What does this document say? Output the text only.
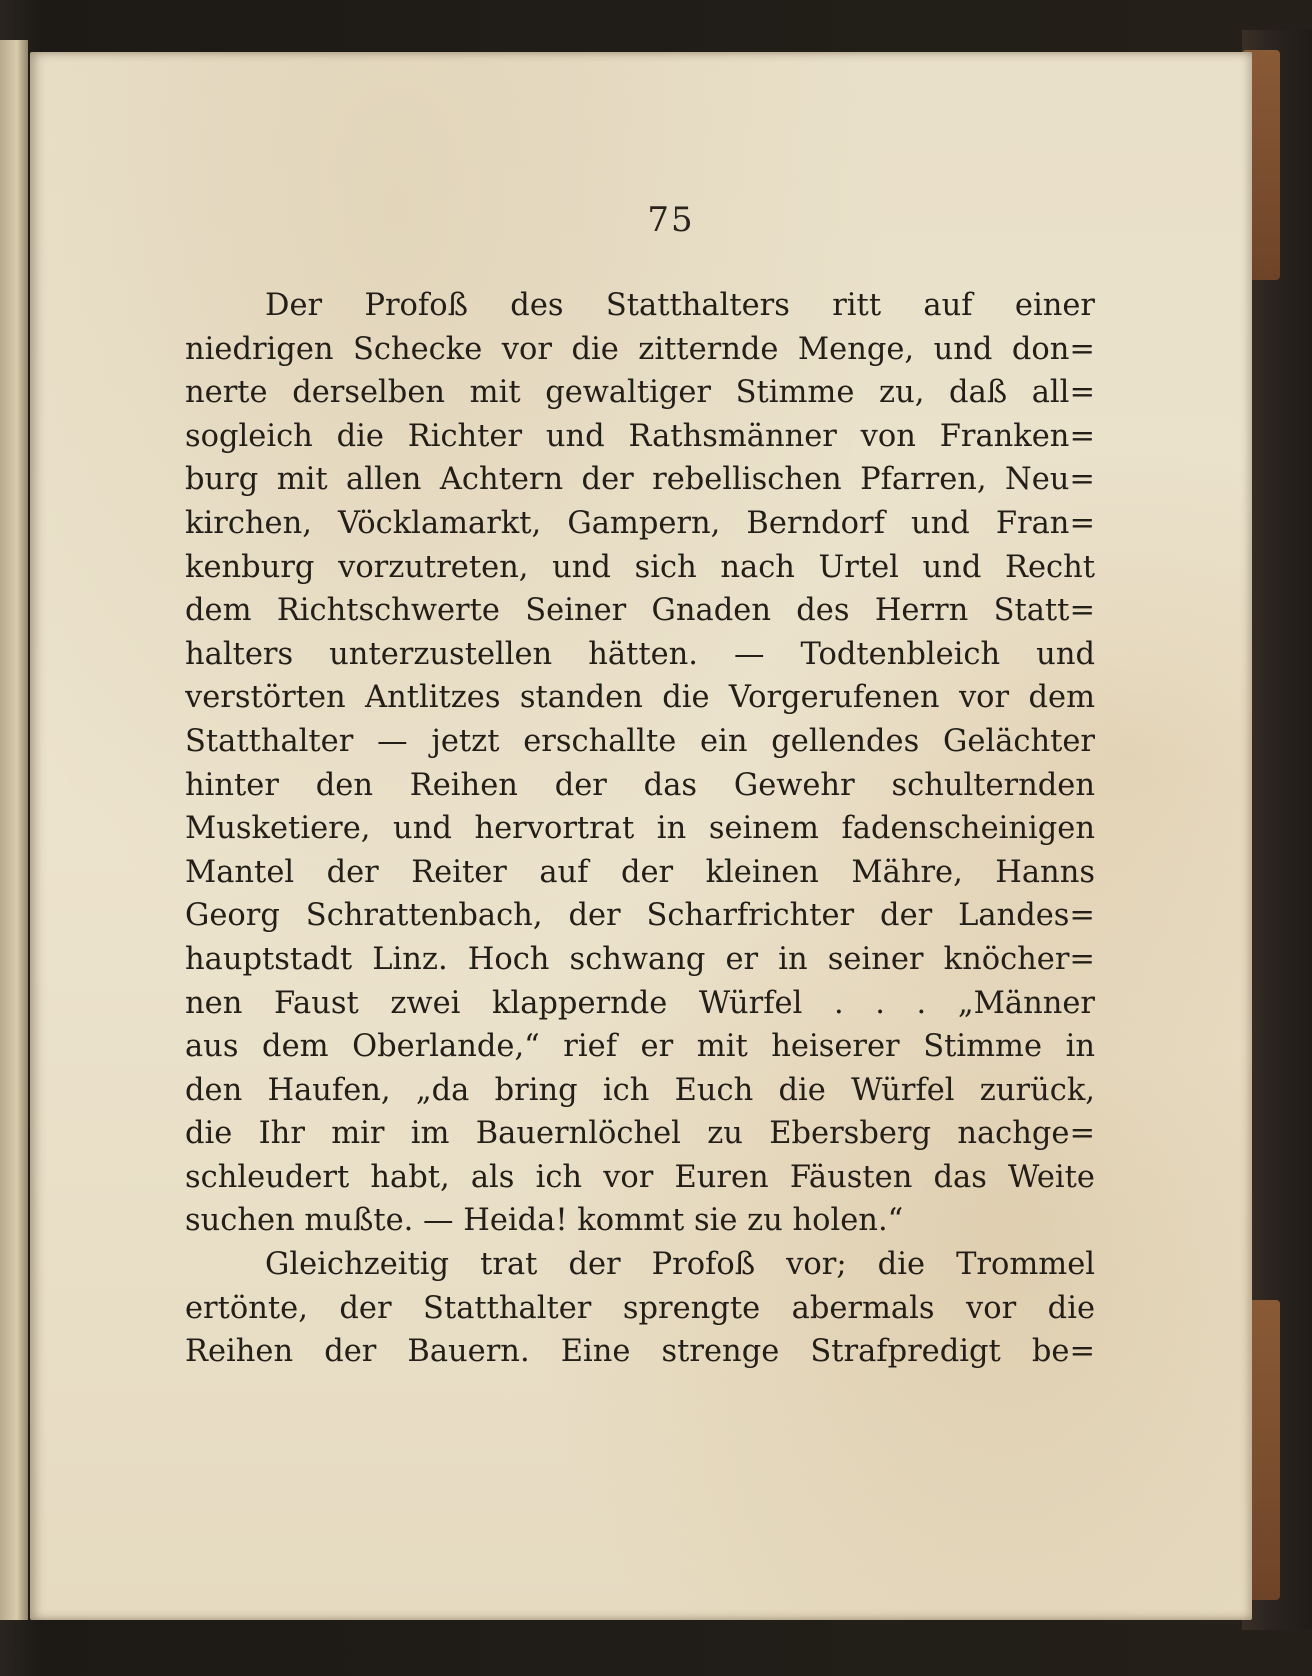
75
Der Profoß des Statthalters ritt auf einer
niedrigen Schecke vor die zitternde Menge, und don=
nerte derselben mit gewaltiger Stimme zu, daß all=
sogleich die Richter und Rathsmänner von Franken=
burg mit allen Achtern der rebellischen Pfarren, Neu=
kirchen, Vöcklamarkt, Gampern, Berndorf und Fran=
kenburg vorzutreten, und sich nach Urtel und Recht
dem Richtschwerte Seiner Gnaden des Herrn Statt=
halters unterzustellen hätten. — Todtenbleich und
verstörten Antlitzes standen die Vorgerufenen vor dem
Statthalter — jetzt erschallte ein gellendes Gelächter
hinter den Reihen der das Gewehr schulternden
Musketiere, und hervortrat in seinem fadenscheinigen
Mantel der Reiter auf der kleinen Mähre, Hanns
Georg Schrattenbach, der Scharfrichter der Landes=
hauptstadt Linz. Hoch schwang er in seiner knöcher=
nen Faust zwei klappernde Würfel . . . „Männer
aus dem Oberlande,“ rief er mit heiserer Stimme in
den Haufen, „da bring ich Euch die Würfel zurück,
die Ihr mir im Bauernlöchel zu Ebersberg nachge=
schleudert habt, als ich vor Euren Fäusten das Weite
suchen mußte. — Heida! kommt sie zu holen.“
Gleichzeitig trat der Profoß vor; die Trommel
ertönte, der Statthalter sprengte abermals vor die
Reihen der Bauern. Eine strenge Strafpredigt be=
